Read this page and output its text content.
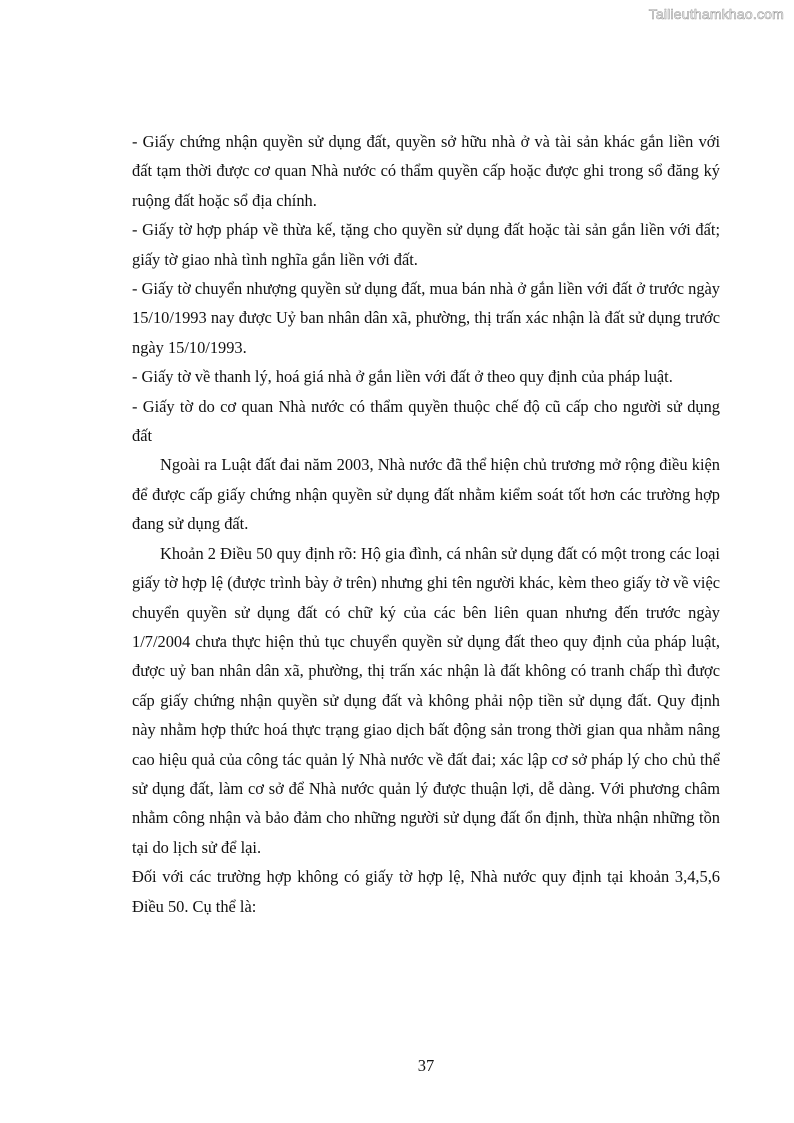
Tailieuthamkhao.com

- Giấy chứng nhận quyền sử dụng đất, quyền sở hữu nhà ở và tài sản khác gắn liền với đất tạm thời được cơ quan Nhà nước có thẩm quyền cấp hoặc được ghi trong sổ đăng ký ruộng đất hoặc sổ địa chính.

- Giấy tờ hợp pháp về thừa kế, tặng cho quyền sử dụng đất hoặc tài sản gắn liền với đất; giấy tờ giao nhà tình nghĩa gắn liền với đất.

- Giấy tờ chuyển nhượng quyền sử dụng đất, mua bán nhà ở gắn liền với đất ở trước ngày 15/10/1993 nay được Uỷ ban nhân dân xã, phường, thị trấn xác nhận là đất sử dụng trước ngày 15/10/1993.

- Giấy tờ về thanh lý, hoá giá nhà ở gắn liền với đất ở theo quy định của pháp luật.

- Giấy tờ do cơ quan Nhà nước có thẩm quyền thuộc chế độ cũ cấp cho người sử dụng đất

Ngoài ra Luật đất đai năm 2003, Nhà nước đã thể hiện chủ trương mở rộng điều kiện để được cấp giấy chứng nhận quyền sử dụng đất nhằm kiểm soát tốt hơn các trường hợp đang sử dụng đất.

Khoản 2 Điều 50 quy định rõ: Hộ gia đình, cá nhân sử dụng đất có một trong các loại giấy tờ hợp lệ (được trình bày ở trên) nhưng ghi tên người khác, kèm theo giấy tờ về việc chuyển quyền sử dụng đất có chữ ký của các bên liên quan nhưng đến trước ngày 1/7/2004 chưa thực hiện thủ tục chuyển quyền sử dụng đất theo quy định của pháp luật, được uỷ ban nhân dân xã, phường, thị trấn xác nhận là đất không có tranh chấp thì được cấp giấy chứng nhận quyền sử dụng đất và không phải nộp tiền sử dụng đất. Quy định này nhằm hợp thức hoá thực trạng giao dịch bất động sản trong thời gian qua nhằm nâng cao hiệu quả của công tác quản lý Nhà nước về đất đai; xác lập cơ sở pháp lý cho chủ thể sử dụng đất, làm cơ sở để Nhà nước quản lý được thuận lợi, dễ dàng. Với phương châm nhằm công nhận và bảo đảm cho những người sử dụng đất ổn định, thừa nhận những tồn tại do lịch sử để lại.

Đối với các trường hợp không có giấy tờ hợp lệ, Nhà nước quy định tại khoản 3,4,5,6 Điều 50. Cụ thể là:

37
